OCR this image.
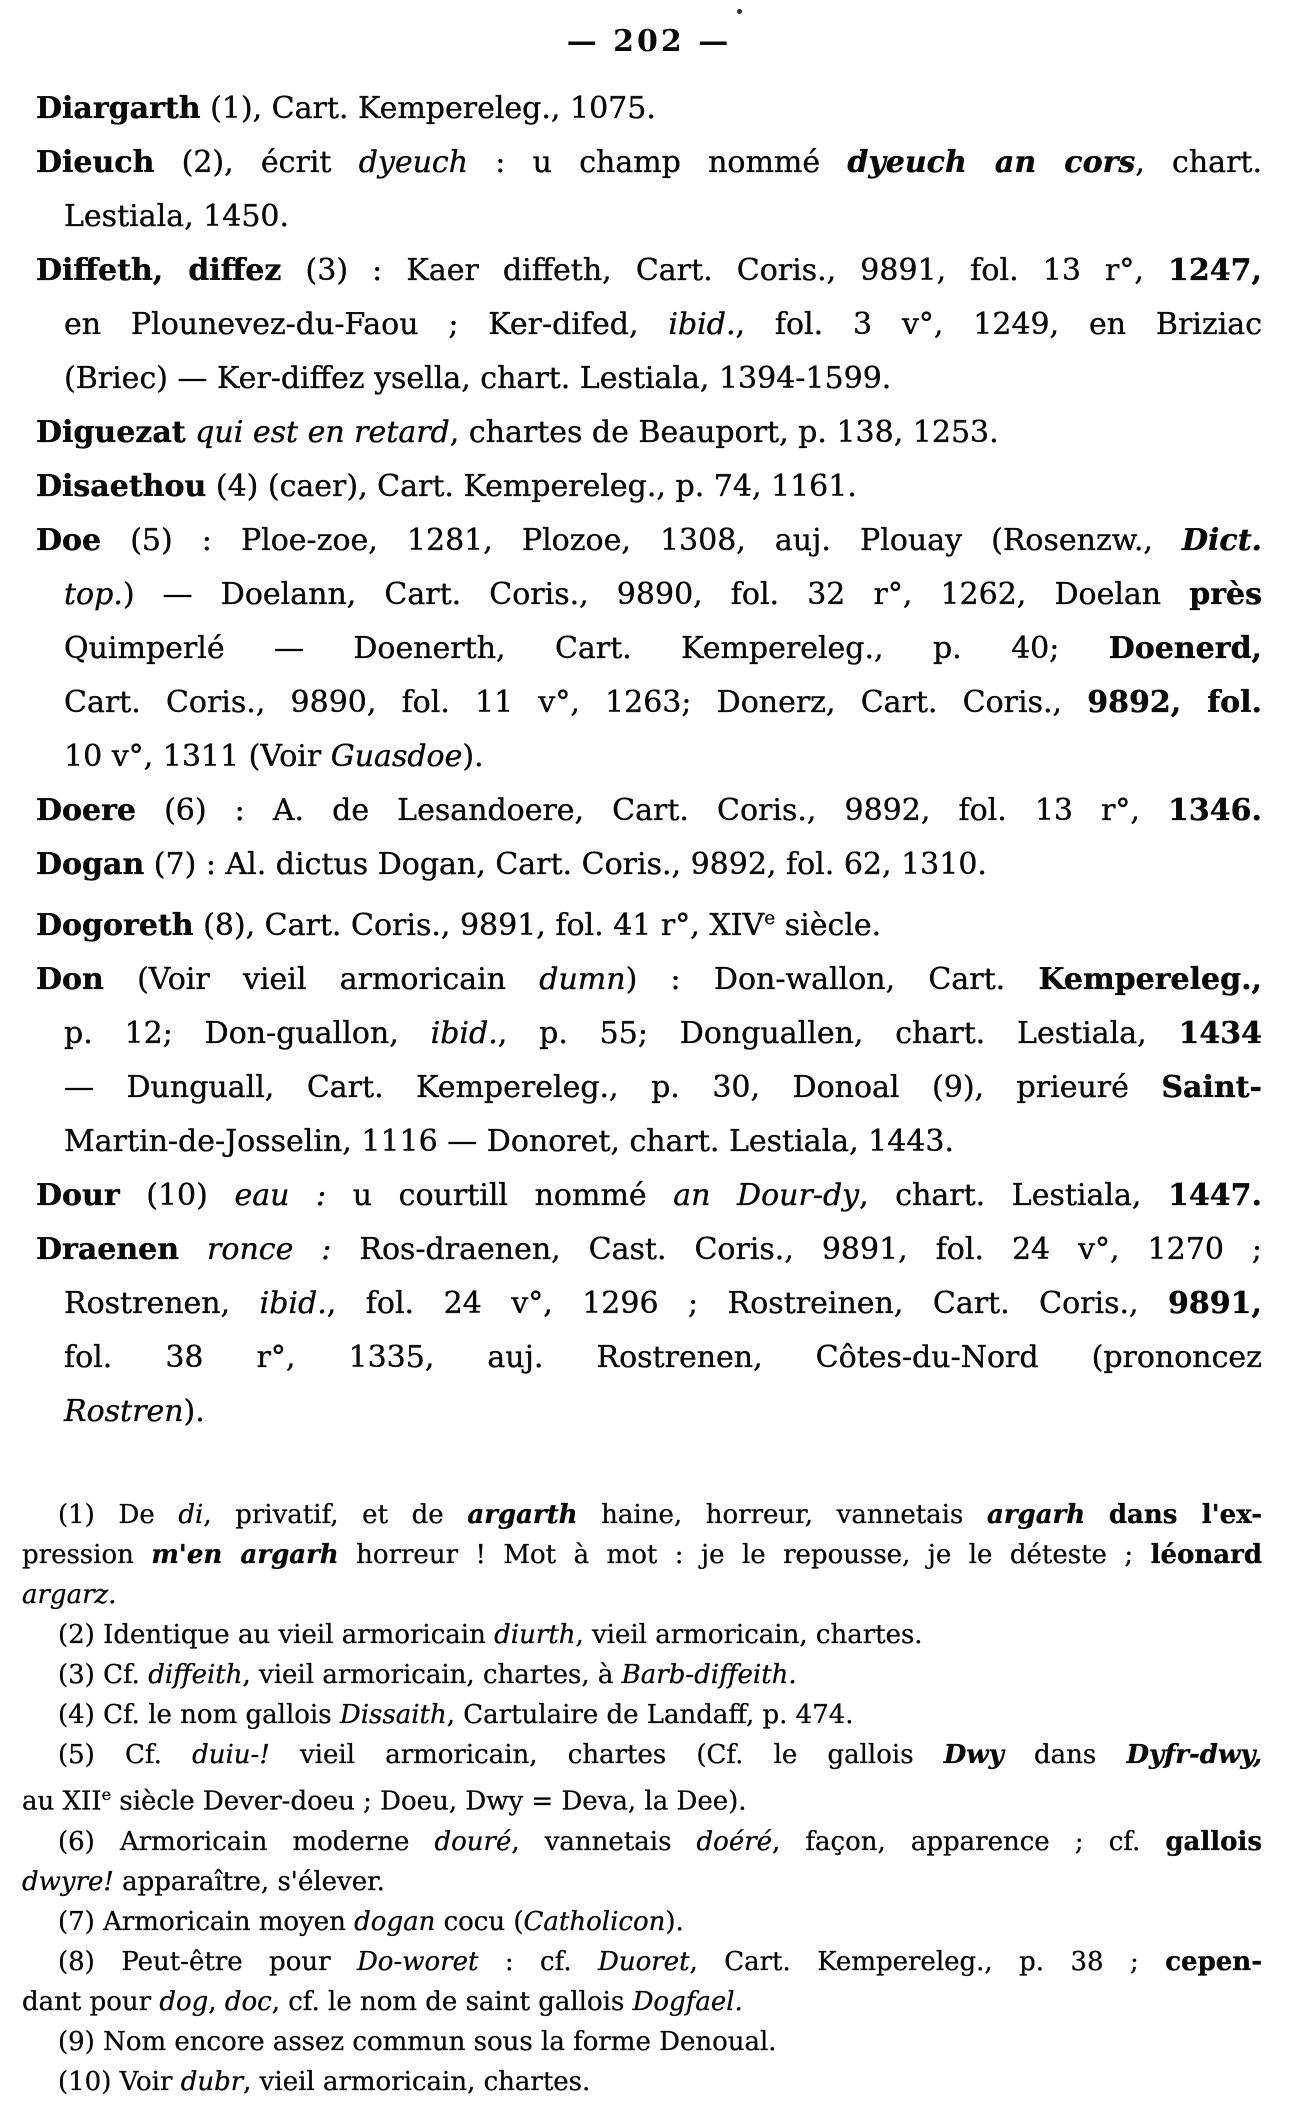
— 202 —
Diargarth (1), Cart. Kempereleg., 1075.
Dieuch (2), écrit dyeuch : u champ nommé dyeuch an cors, chart.
Lestiala, 1450.
Diffeth, diffez (3) : Kaer diffeth, Cart. Coris., 9891, fol. 13 r°, 1247,
en Plounevez-du-Faou ; Ker-difed, ibid., fol. 3 v°, 1249, en Briziac
(Briec) — Ker-diffez ysella, chart. Lestiala, 1394-1599.
Diguezat qui est en retard, chartes de Beauport, p. 138, 1253.
Disaethou (4) (caer), Cart. Kempereleg., p. 74, 1161.
Doe (5) : Ploe-zoe, 1281, Plozoe, 1308, auj. Plouay (Rosenzw., Dict.
top.) — Doelann, Cart. Coris., 9890, fol. 32 r°, 1262, Doelan près
Quimperlé — Doenerth, Cart. Kempereleg., p. 40; Doenerd,
Cart. Coris., 9890, fol. 11 v°, 1263; Donerz, Cart. Coris., 9892, fol.
10 v°, 1311 (Voir Guasdoe).
Doere (6) : A. de Lesandoere, Cart. Coris., 9892, fol. 13 r°, 1346.
Dogan (7) : Al. dictus Dogan, Cart. Coris., 9892, fol. 62, 1310.
Dogoreth (8), Cart. Coris., 9891, fol. 41 r°, XIVe siècle.
Don (Voir vieil armoricain dumn) : Don-wallon, Cart. Kempereleg.,
p. 12; Don-guallon, ibid., p. 55; Donguallen, chart. Lestiala, 1434
— Dunguall, Cart. Kempereleg., p. 30, Donoal (9), prieuré Saint-
Martin-de-Josselin, 1116 — Donoret, chart. Lestiala, 1443.
Dour (10) eau : u courtill nommé an Dour-dy, chart. Lestiala, 1447.
Draenen ronce : Ros-draenen, Cast. Coris., 9891, fol. 24 v°, 1270 ;
Rostrenen, ibid., fol. 24 v°, 1296 ; Rostreinen, Cart. Coris., 9891,
fol. 38 r°, 1335, auj. Rostrenen, Côtes-du-Nord (prononcez
Rostren).
(1) De di, privatif, et de argarth haine, horreur, vannetais argarh dans l'ex-
pression m'en argarh horreur ! Mot à mot : je le repousse, je le déteste ; léonard
argarz.
(2) Identique au vieil armoricain diurth, vieil armoricain, chartes.
(3) Cf. diffeith, vieil armoricain, chartes, à Barb-diffeith.
(4) Cf. le nom gallois Dissaith, Cartulaire de Landaff, p. 474.
(5) Cf. duiu-! vieil armoricain, chartes (Cf. le gallois Dwy dans Dyfr-dwy,
au XIIe siècle Dever-doeu ; Doeu, Dwy = Deva, la Dee).
(6) Armoricain moderne douré, vannetais doéré, façon, apparence ; cf. gallois
dwyre! apparaître, s'élever.
(7) Armoricain moyen dogan cocu (Catholicon).
(8) Peut-être pour Do-woret : cf. Duoret, Cart. Kempereleg., p. 38 ; cepen-
dant pour dog, doc, cf. le nom de saint gallois Dogfael.
(9) Nom encore assez commun sous la forme Denoual.
(10) Voir dubr, vieil armoricain, chartes.
